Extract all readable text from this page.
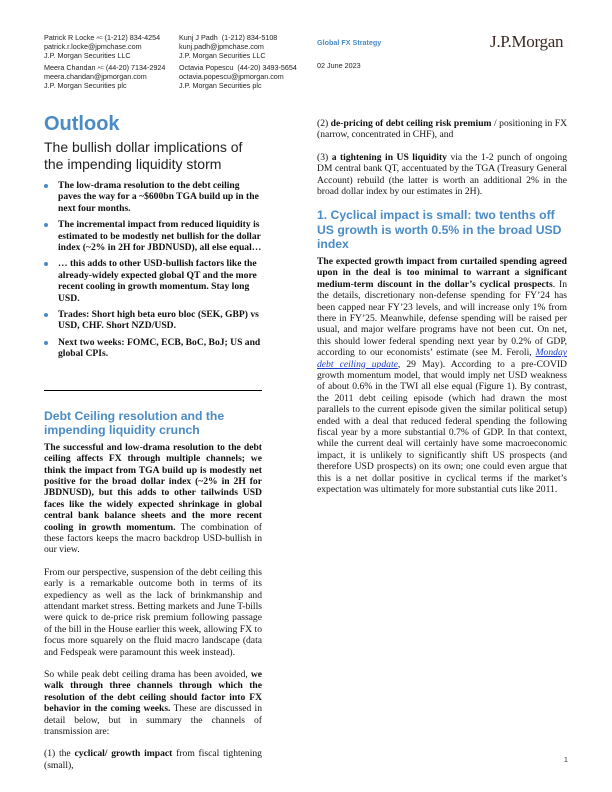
Patrick R Locke $^{AC}$ (1-212) 834-4254
patrick.r.locke@jpmchase.com
J.P. Morgan Securities LLC
Meera Chandan $^{AC}$ (44-20) 7134-2924
meera.chandan@jpmorgan.com
J.P. Morgan Securities plc
Kunj J Padh (1-212) 834-5108
kunj.padh@jpmchase.com
J.P. Morgan Securities LLC
Octavia Popescu (44-20) 3493-5654
octavia.popescu@jpmorgan.com
J.P. Morgan Securities plc
Global FX Strategy
02 June 2023
J.P.Morgan
Outlook
The bullish dollar implications of the impending liquidity storm
The low-drama resolution to the debt ceiling paves the way for a ~$600bn TGA build up in the next four months.
The incremental impact from reduced liquidity is estimated to be modestly net bullish for the dollar index (~2% in 2H for JBDNUSD), all else equal…
… this adds to other USD-bullish factors like the already-widely expected global QT and the more recent cooling in growth momentum. Stay long USD.
Trades: Short high beta euro bloc (SEK, GBP) vs USD, CHF. Short NZD/USD.
Next two weeks: FOMC, ECB, BoC, BoJ; US and global CPIs.
Debt Ceiling resolution and the impending liquidity crunch

The successful and low-drama resolution to the debt ceiling affects FX through multiple channels; we think the impact from TGA build up is modestly net positive for the broad dollar index (~2% in 2H for JBDNUSD), but this adds to other tailwinds USD faces like the widely expected shrinkage in global central bank balance sheets and the more recent cooling in growth momentum. The combination of these factors keeps the macro backdrop USD-bullish in our view.

From our perspective, suspension of the debt ceiling this early is a remarkable outcome both in terms of its expediency as well as the lack of brinkmanship and attendant market stress. Betting markets and June T-bills were quick to de-price risk premium following passage of the bill in the House earlier this week, allowing FX to focus more squarely on the fluid macro landscape (data and Fedspeak were paramount this week instead).

So while peak debt ceiling drama has been avoided, we walk through three channels through which the resolution of the debt ceiling should factor into FX behavior in the coming weeks. These are discussed in detail below, but in summary the channels of transmission are:

(1) the cyclical/ growth impact from fiscal tightening (small),

(2) de-pricing of debt ceiling risk premium / positioning in FX (narrow, concentrated in CHF), and

(3) a tightening in US liquidity via the 1-2 punch of ongoing DM central bank QT, accentuated by the TGA (Treasury General Account) rebuild (the latter is worth an additional 2% in the broad dollar index by our estimates in 2H).

1. Cyclical impact is small: two tenths off US growth is worth 0.5% in the broad USD index

The expected growth impact from curtailed spending agreed upon in the deal is too minimal to warrant a significant medium-term discount in the dollar’s cyclical prospects. In the details, discretionary non-defense spending for FY’24 has been capped near FY’23 levels, and will increase only 1% from there in FY’25. Meanwhile, defense spending will be raised per usual, and major welfare programs have not been cut. On net, this should lower federal spending next year by 0.2% of GDP, according to our economists’ estimate (see M. Feroli, Monday debt ceiling update, 29 May). According to a pre-COVID growth momentum model, that would imply net USD weakness of about 0.6% in the TWI all else equal (Figure 1). By contrast, the 2011 debt ceiling episode (which had drawn the most parallels to the current episode given the similar political setup) ended with a deal that reduced federal spending the following fiscal year by a more substantial 0.7% of GDP. In that context, while the current deal will certainly have some macroeconomic impact, it is unlikely to significantly shift US prospects (and therefore USD prospects) on its own; one could even argue that this is a net dollar positive in cyclical terms if the market’s expectation was ultimately for more substantial cuts like 2011.

1
